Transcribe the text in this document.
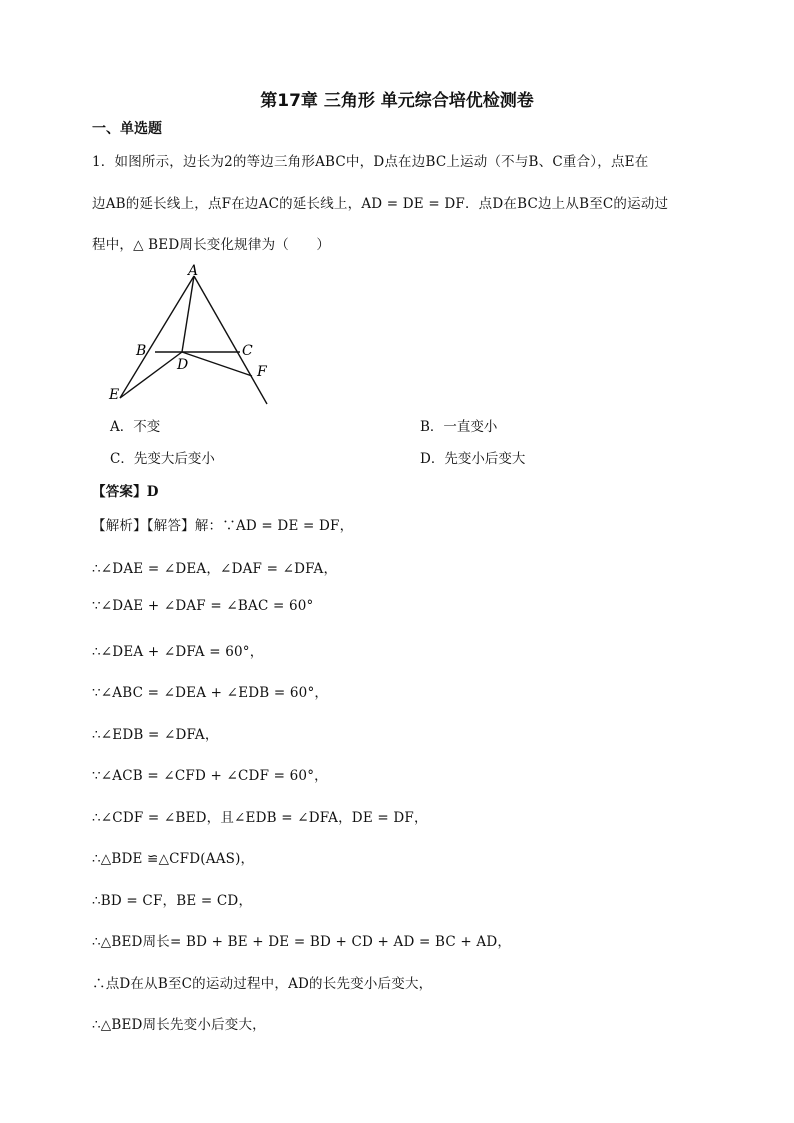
第17章 三角形 单元综合培优检测卷
一、单选题
1．如图所示，边长为2的等边三角形ABC中，D点在边BC上运动（不与B、C重合），点E在
边AB的延长线上，点F在边AC的延长线上，AD = DE = DF．点D在BC边上从B至C的运动过
程中，△ BED周长变化规律为（　　）
A
B	C
D
E
F
A．不变	B．一直变小
C．先变大后变小	D．先变小后变大
【答案】D
【解析】【解答】解：∵AD = DE = DF，
∴∠DAE = ∠DEA，∠DAF = ∠DFA，
∵∠DAE + ∠DAF = ∠BAC = 60°
∴∠DEA + ∠DFA = 60°，
∵∠ABC = ∠DEA + ∠EDB = 60°，
∴∠EDB = ∠DFA，
∵∠ACB = ∠CFD + ∠CDF = 60°，
∴∠CDF = ∠BED，且∠EDB = ∠DFA，DE = DF，
∴△BDE ≌△CFD(AAS)，
∴BD = CF，BE = CD，
∴△BED周长= BD + BE + DE = BD + CD + AD = BC + AD，
∴点D在从B至C的运动过程中，AD的长先变小后变大，
∴△BED周长先变小后变大，
